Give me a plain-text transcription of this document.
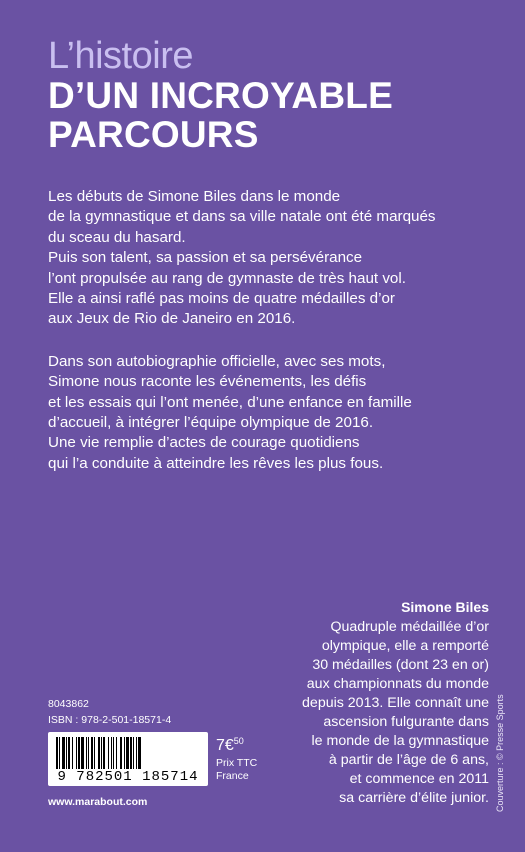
L’histoire
D’UN INCROYABLE
PARCOURS

Les débuts de Simone Biles dans le monde
de la gymnastique et dans sa ville natale ont été marqués
du sceau du hasard.
Puis son talent, sa passion et sa persévérance
l’ont propulsée au rang de gymnaste de très haut vol.
Elle a ainsi raflé pas moins de quatre médailles d’or
aux Jeux de Rio de Janeiro en 2016.

Dans son autobiographie officielle, avec ses mots,
Simone nous raconte les événements, les défis
et les essais qui l’ont menée, d’une enfance en famille
d’accueil, à intégrer l’équipe olympique de 2016.
Une vie remplie d’actes de courage quotidiens
qui l’a conduite à atteindre les rêves les plus fous.

Simone Biles

Quadruple médaillée d’or
olympique, elle a remporté
30 médailles (dont 23 en or)
aux championnats du monde
depuis 2013. Elle connaît une
ascension fulgurante dans
le monde de la gymnastique
à partir de l’âge de 6 ans,
et commence en 2011
sa carrière d’élite junior.

8043862
ISBN : 978-2-501-18571-4
9 782501 185714
7€$^{50}$
Prix TTC
France
www.marabout.com	Couverture : © Presse Sports
